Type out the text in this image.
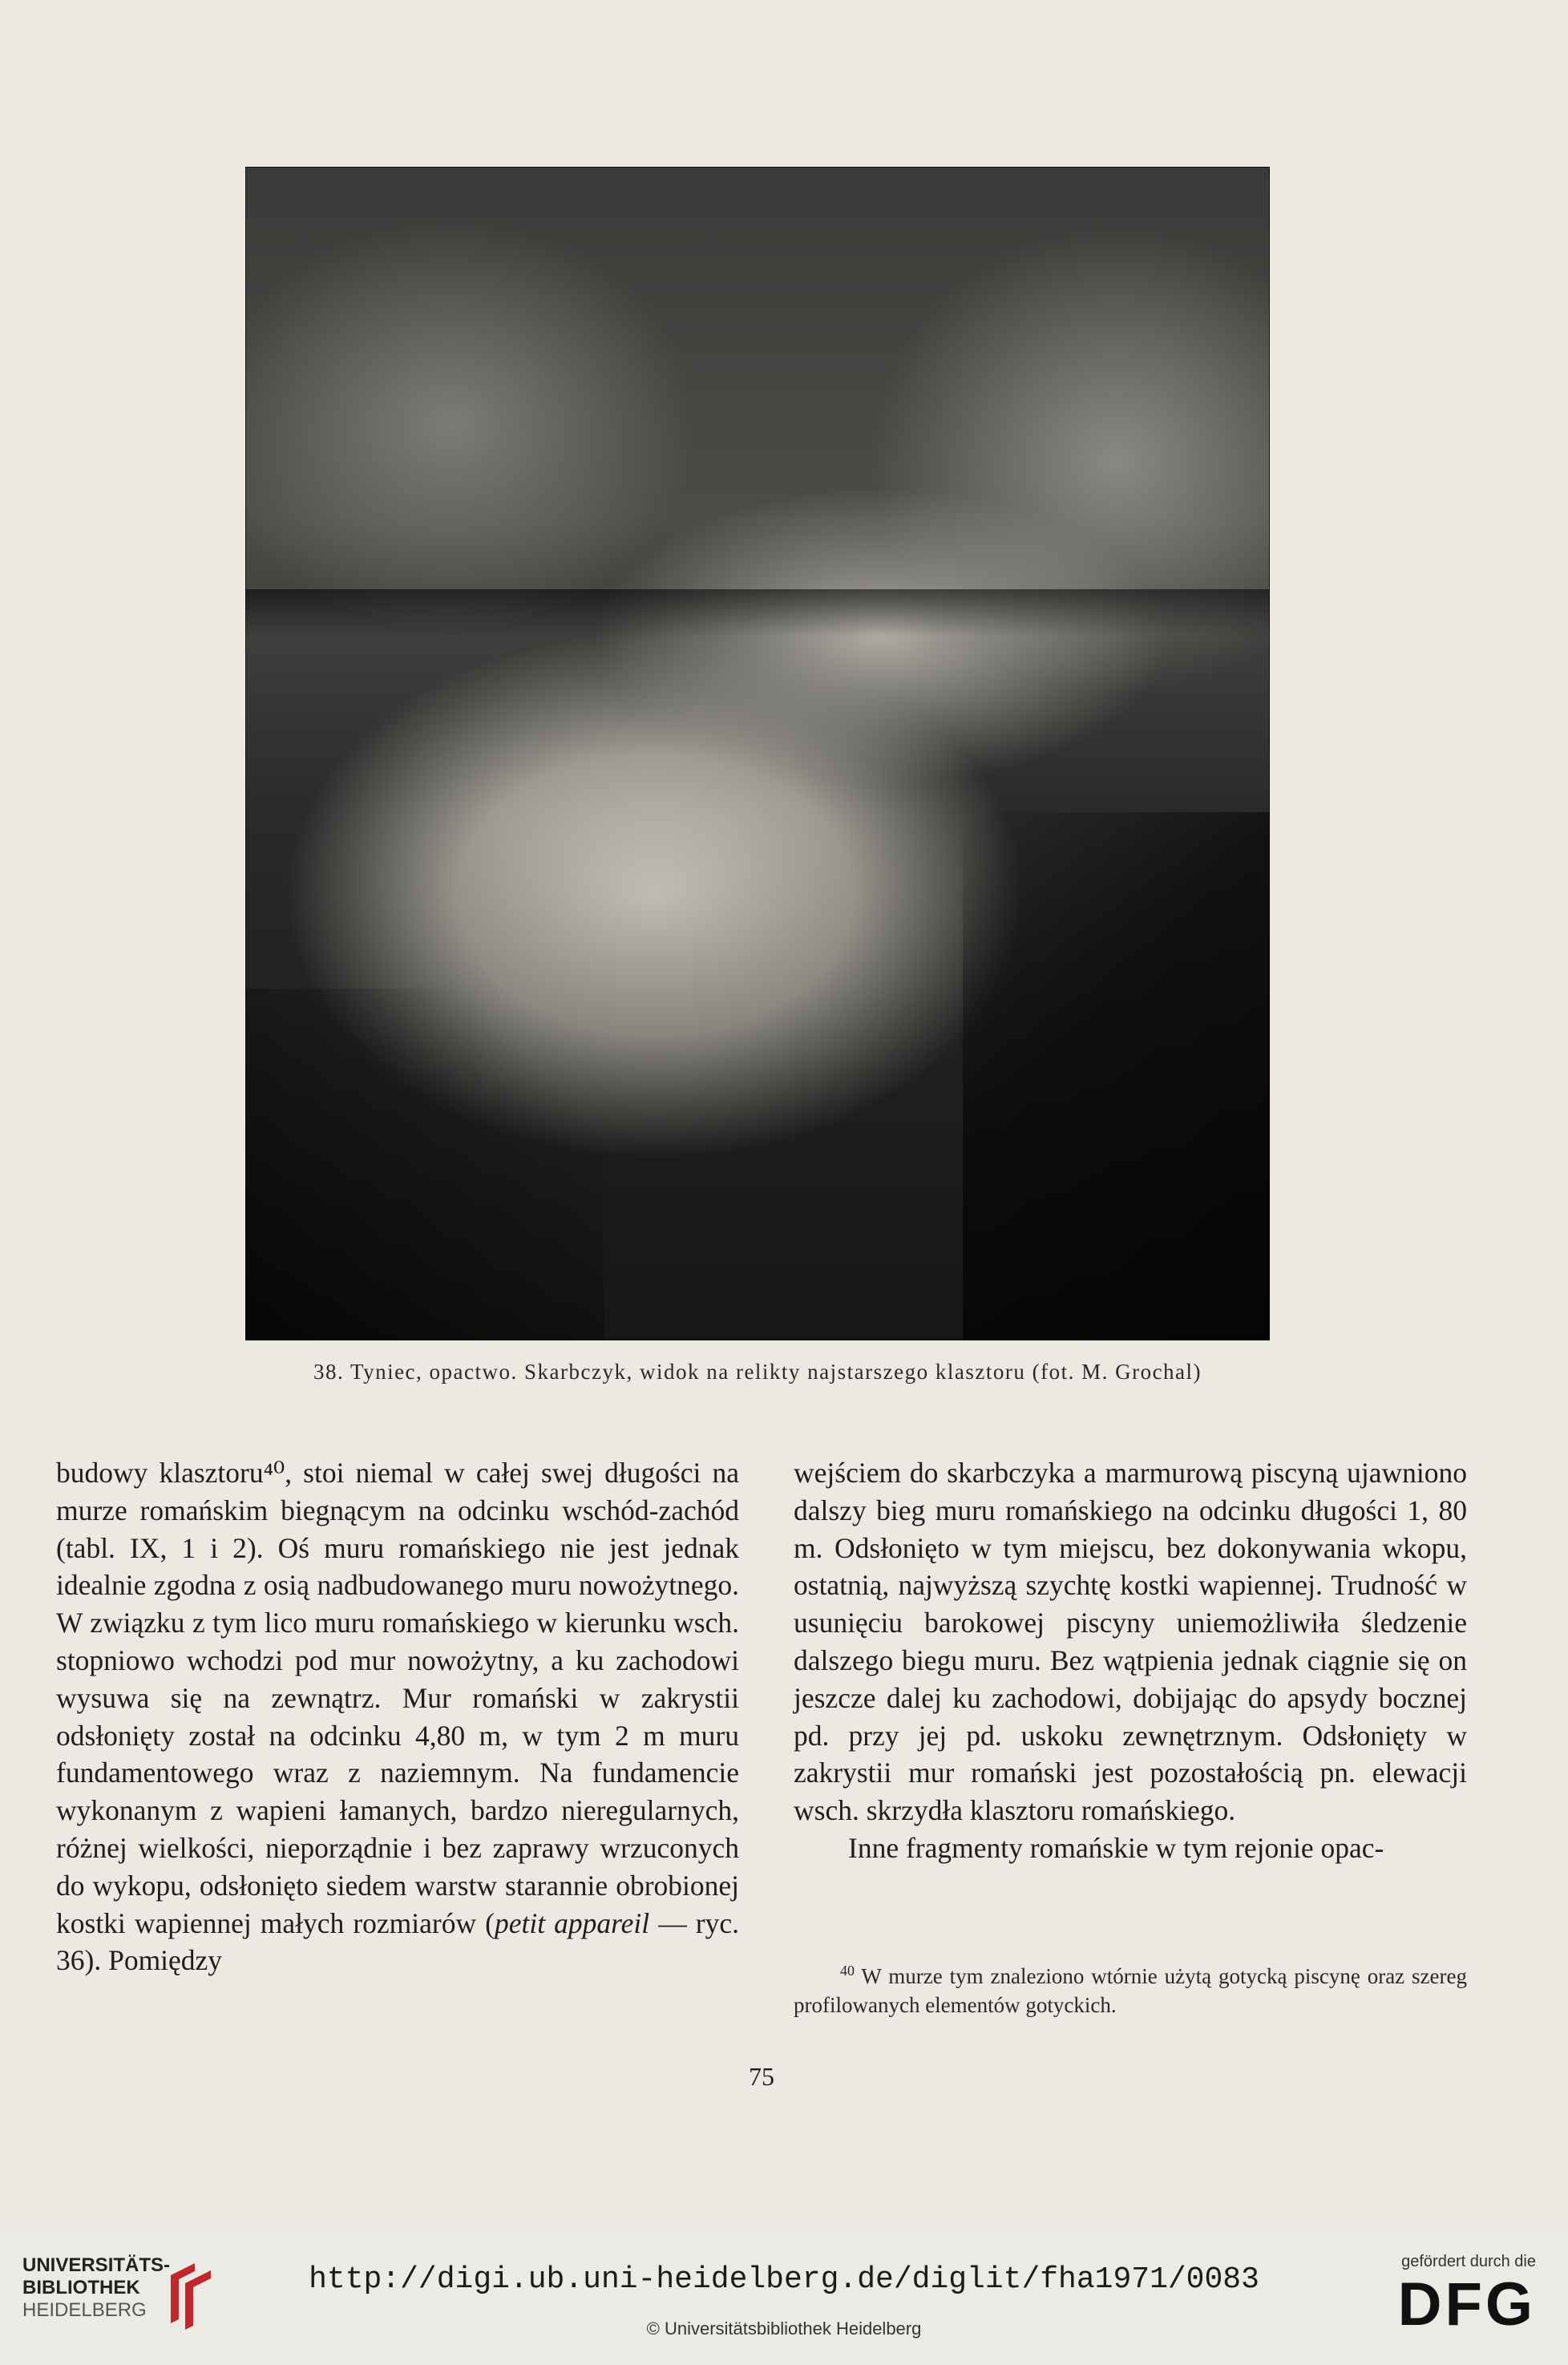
38. Tyniec, opactwo. Skarbczyk, widok na relikty najstarszego klasztoru (fot. M. Grochal)

budowy klasztoru⁴⁰, stoi niemal w całej swej długości na murze romańskim biegnącym na odcinku wschód-zachód (tabl. IX, 1 i 2). Oś muru romańskiego nie jest jednak idealnie zgodna z osią nadbudowanego muru nowożytnego. W związku z tym lico muru romańskiego w kierunku wsch. stopniowo wchodzi pod mur nowożytny, a ku zachodowi wysuwa się na zewnątrz. Mur romański w zakrystii odsłonięty został na odcinku 4,80 m, w tym 2 m muru fundamentowego wraz z naziemnym. Na fundamencie wykonanym z wapieni łamanych, bardzo nieregularnych, różnej wielkości, nieporządnie i bez zaprawy wrzuconych do wykopu, odsłonięto siedem warstw starannie obrobionej kostki wapiennej małych rozmiarów (petit appareil — ryc. 36). Pomiędzy

wejściem do skarbczyka a marmurową piscyną ujawniono dalszy bieg muru romańskiego na odcinku długości 1, 80 m. Odsłonięto w tym miejscu, bez dokonywania wkopu, ostatnią, najwyższą szychtę kostki wapiennej. Trudność w usunięciu barokowej piscyny uniemożliwiła śledzenie dalszego biegu muru. Bez wątpienia jednak ciągnie się on jeszcze dalej ku zachodowi, dobijając do apsydy bocznej pd. przy jej pd. uskoku zewnętrznym. Odsłonięty w zakrystii mur romański jest pozostałością pn. elewacji wsch. skrzydła klasztoru romańskiego.

Inne fragmenty romańskie w tym rejonie opac-

$^{40}$ W murze tym znaleziono wtórnie użytą gotycką piscynę oraz szereg profilowanych elementów gotyckich.
75
UNIVERSITÄTS-
BIBLIOTHEK
HEIDELBERG
http://digi.ub.uni-heidelberg.de/diglit/fha1971/0083
© Universitätsbibliothek Heidelberg
gefördert durch die
DFG
